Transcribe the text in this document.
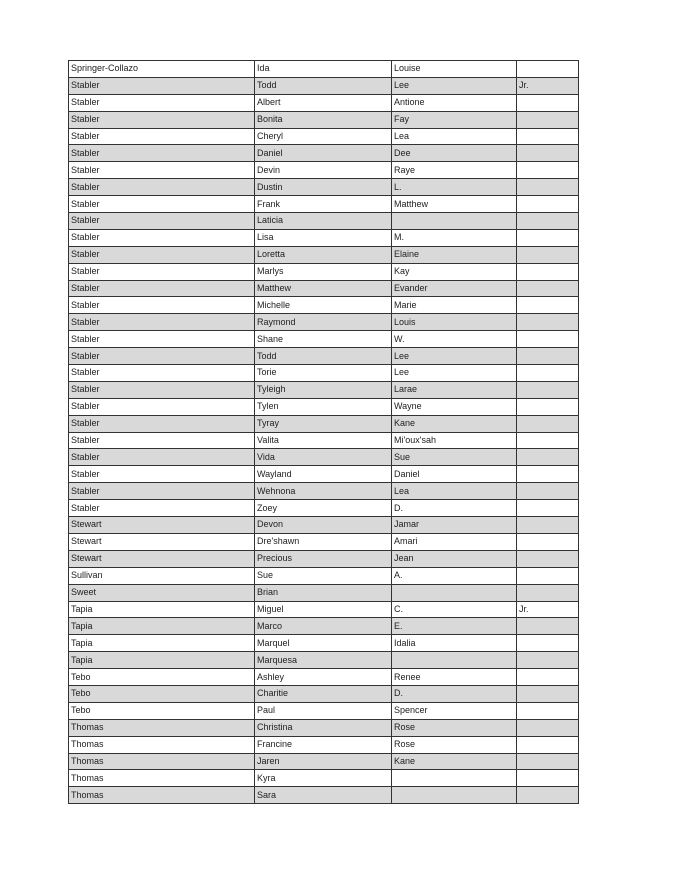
Springer-Collazo	Ida	Louise	
Stabler	Todd	Lee	Jr.
Stabler	Albert	Antione	
Stabler	Bonita	Fay	
Stabler	Cheryl	Lea	
Stabler	Daniel	Dee	
Stabler	Devin	Raye	
Stabler	Dustin	L.	
Stabler	Frank	Matthew	
Stabler	Laticia		
Stabler	Lisa	M.	
Stabler	Loretta	Elaine	
Stabler	Marlys	Kay	
Stabler	Matthew	Evander	
Stabler	Michelle	Marie	
Stabler	Raymond	Louis	
Stabler	Shane	W.	
Stabler	Todd	Lee	
Stabler	Torie	Lee	
Stabler	Tyleigh	Larae	
Stabler	Tylen	Wayne	
Stabler	Tyray	Kane	
Stabler	Valita	Mi'oux'sah	
Stabler	Vida	Sue	
Stabler	Wayland	Daniel	
Stabler	Wehnona	Lea	
Stabler	Zoey	D.	
Stewart	Devon	Jamar	
Stewart	Dre'shawn	Amari	
Stewart	Precious	Jean	
Sullivan	Sue	A.	
Sweet	Brian		
Tapia	Miguel	C.	Jr.
Tapia	Marco	E.	
Tapia	Marquel	Idalia	
Tapia	Marquesa		
Tebo	Ashley	Renee	
Tebo	Charitie	D.	
Tebo	Paul	Spencer	
Thomas	Christina	Rose	
Thomas	Francine	Rose	
Thomas	Jaren	Kane	
Thomas	Kyra		
Thomas	Sara		
